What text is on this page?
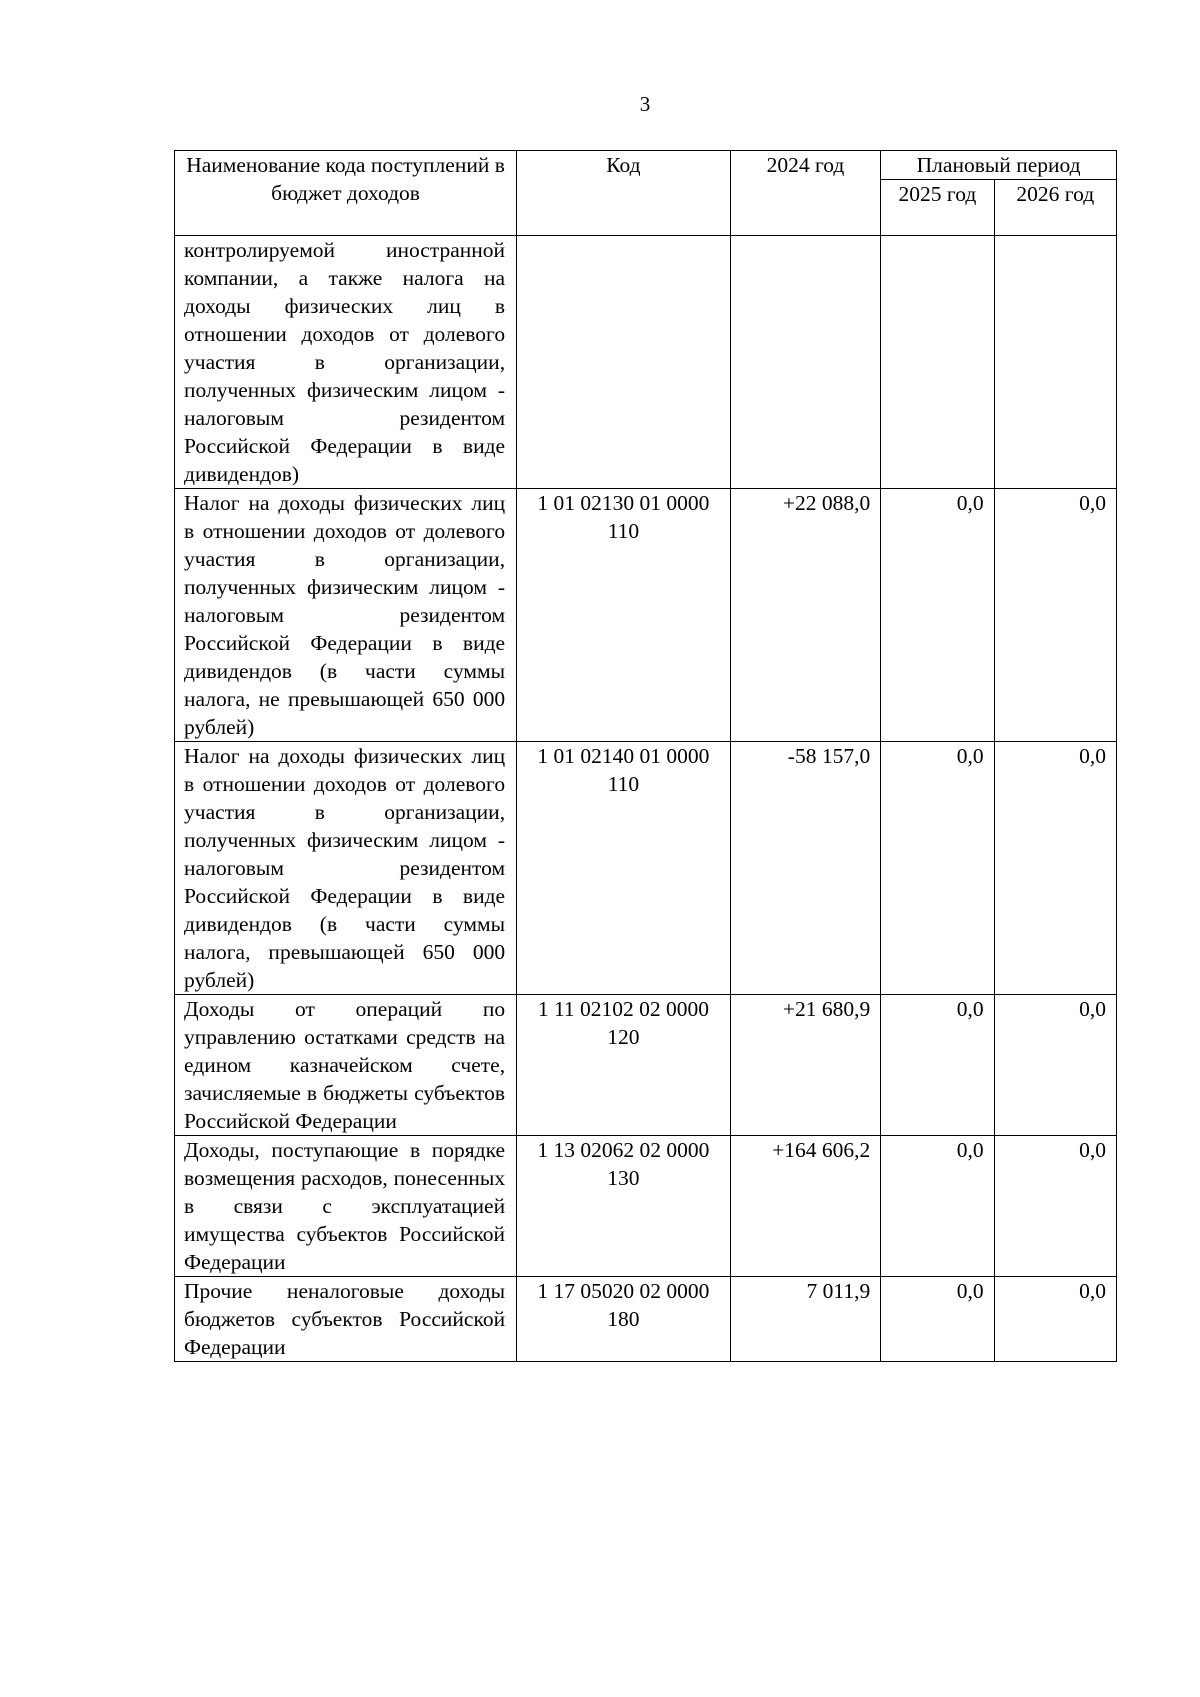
3
Наименование кода поступлений в бюджет доходов	Код	2024 год	Плановый период	
			2025 год	2026 год
контролируемой иностранной компании, а также налога на доходы физических лиц в отношении доходов от долевого участия в организации, полученных физическим лицом - налоговым резидентом Российской Федерации в виде дивидендов)				
Налог на доходы физических лиц в отношении доходов от долевого участия в организации, полученных физическим лицом - налоговым резидентом Российской Федерации в виде дивидендов (в части суммы налога, не превышающей 650 000 рублей)	1 01 02130 01 0000 110	+22 088,0	0,0	0,0
Налог на доходы физических лиц в отношении доходов от долевого участия в организации, полученных физическим лицом - налоговым резидентом Российской Федерации в виде дивидендов (в части суммы налога, превышающей 650 000 рублей)	1 01 02140 01 0000 110	-58 157,0	0,0	0,0
Доходы от операций по управлению остатками средств на едином казначейском счете, зачисляемые в бюджеты субъектов Российской Федерации	1 11 02102 02 0000 120	+21 680,9	0,0	0,0
Доходы, поступающие в порядке возмещения расходов, понесенных в связи с эксплуатацией имущества субъектов Российской Федерации	1 13 02062 02 0000 130	+164 606,2	0,0	0,0
Прочие неналоговые доходы бюджетов субъектов Российской Федерации	1 17 05020 02 0000 180	7 011,9	0,0	0,0
